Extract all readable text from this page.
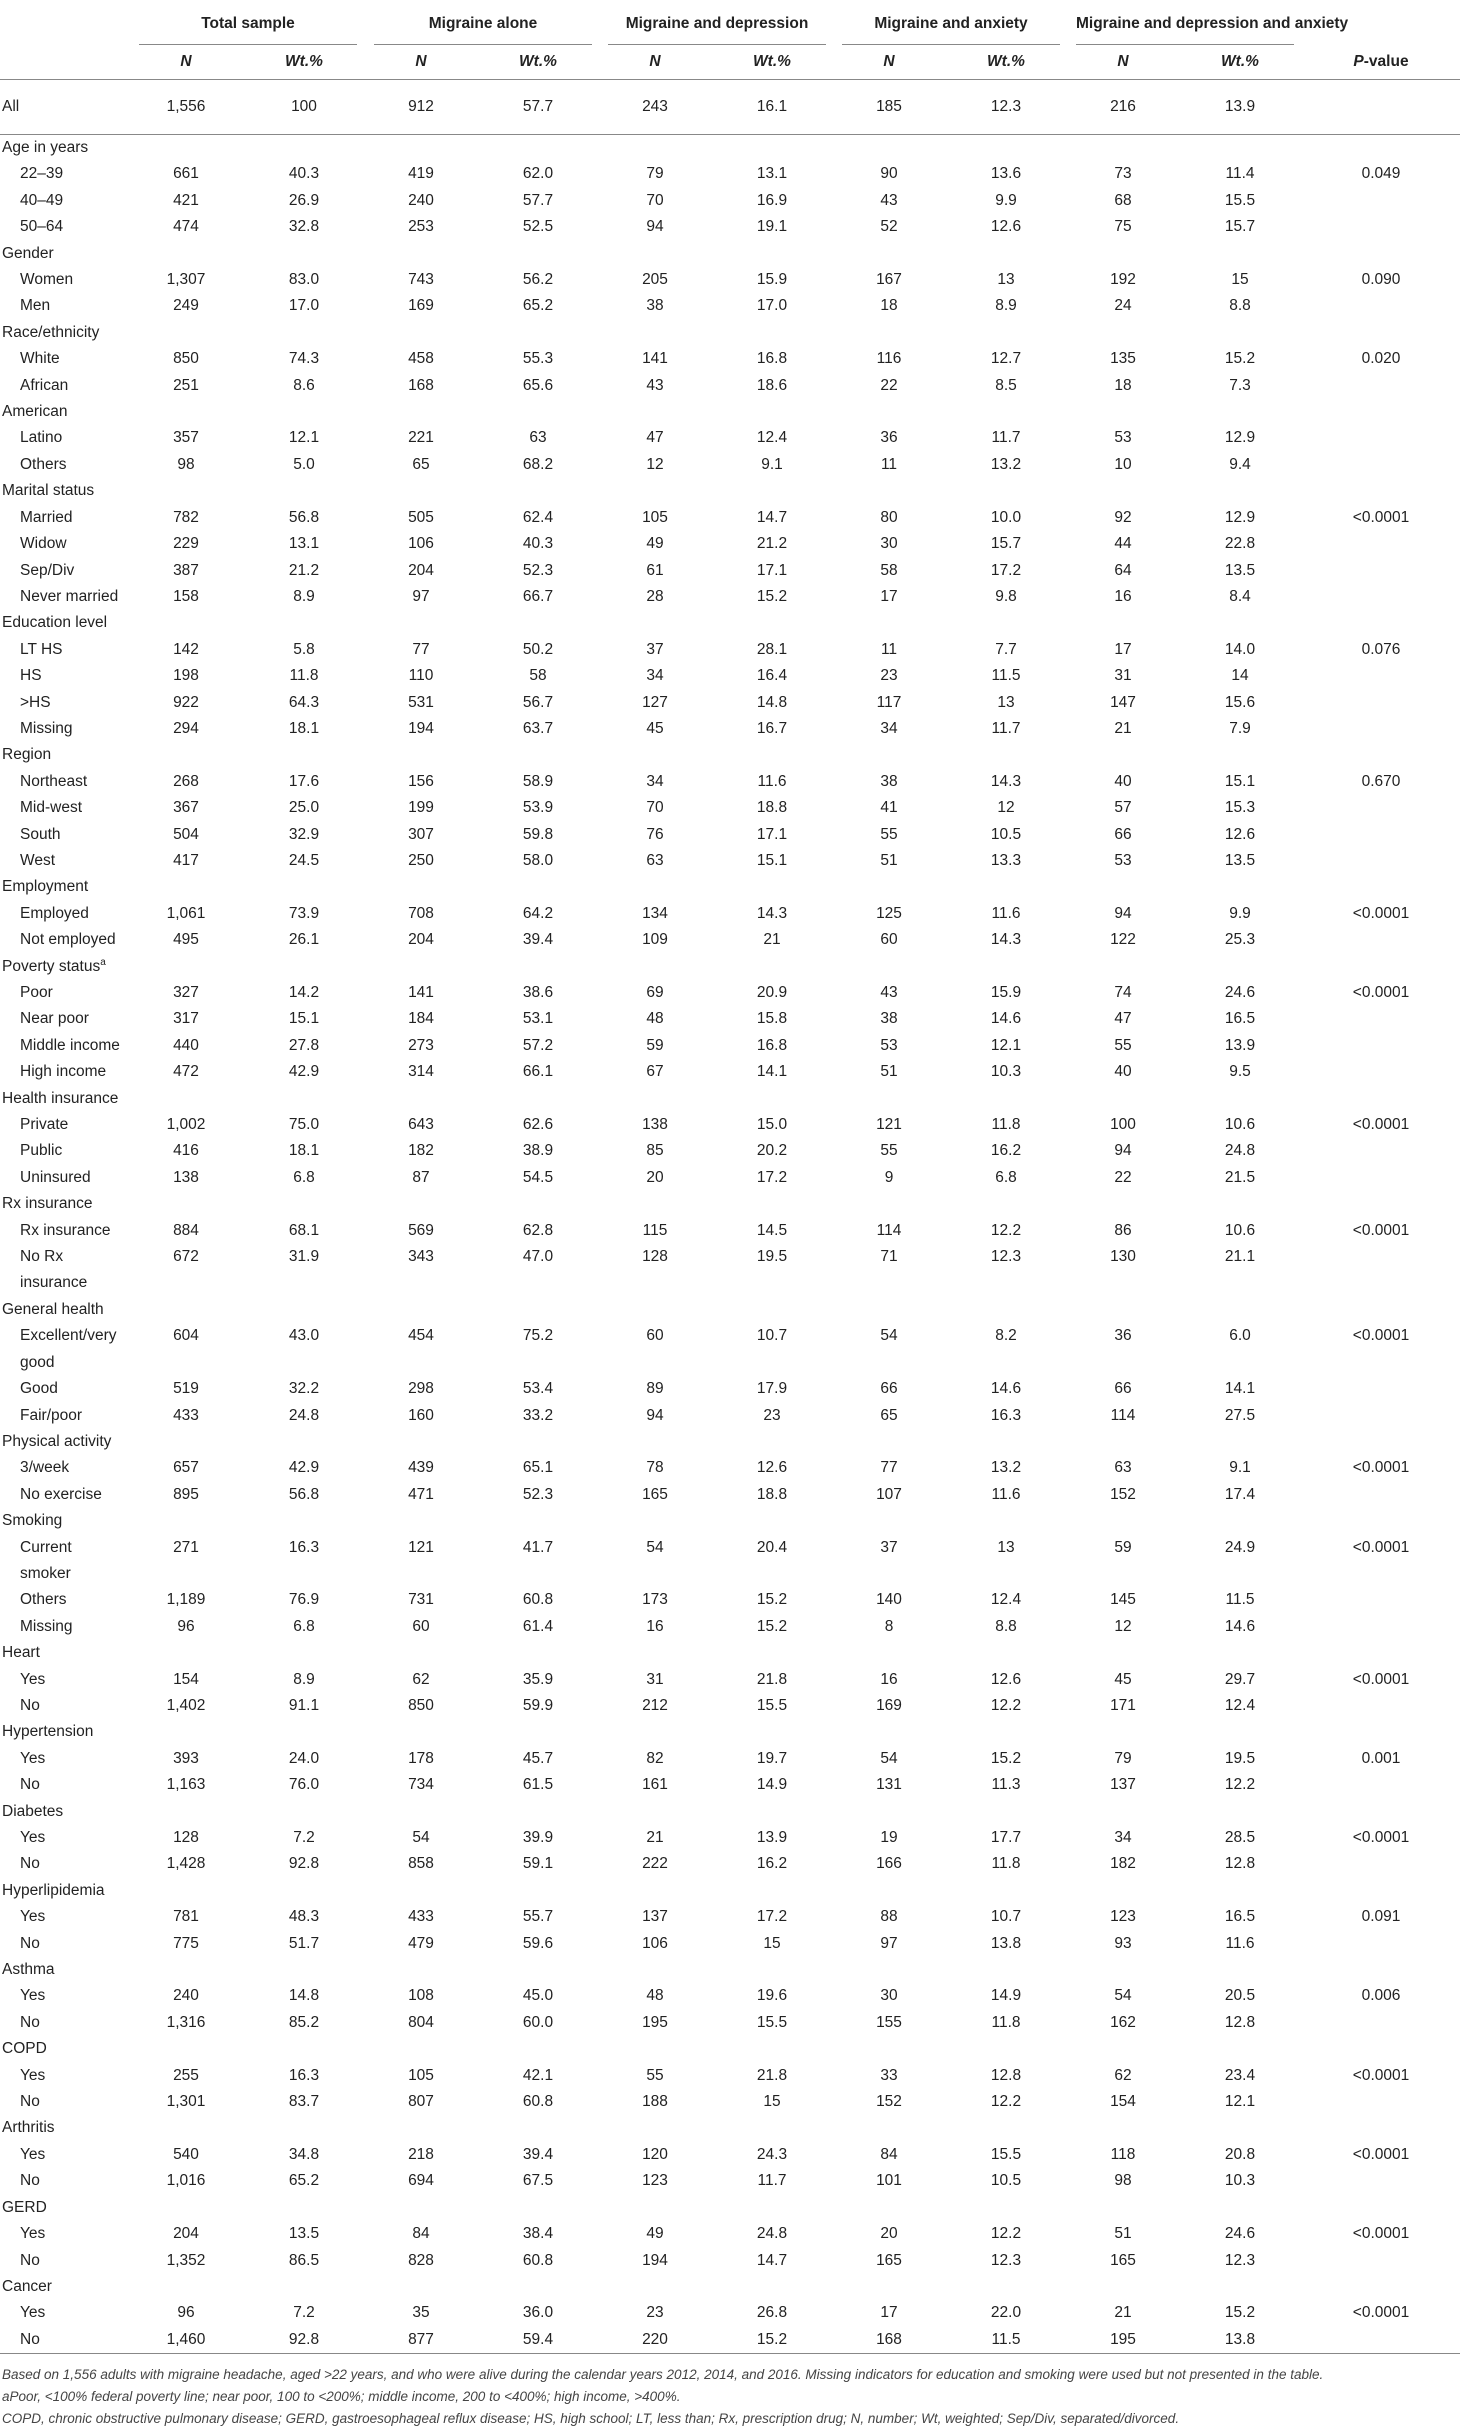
	Total sample		Migraine alone		Migraine and depression		Migraine and anxiety		Migraine and depression and anxiety		

	N	Wt.%	N	Wt.%	N	Wt.%	N	Wt.%	N	Wt.%	P-value
All	1,556	100	912	57.7	243	16.1	185	12.3	216	13.9	
Age in years											
22–39	661	40.3	419	62.0	79	13.1	90	13.6	73	11.4	0.049
40–49	421	26.9	240	57.7	70	16.9	43	9.9	68	15.5	
50–64	474	32.8	253	52.5	94	19.1	52	12.6	75	15.7	
Gender											
Women	1,307	83.0	743	56.2	205	15.9	167	13	192	15	0.090
Men	249	17.0	169	65.2	38	17.0	18	8.9	24	8.8	
Race/ethnicity											
White	850	74.3	458	55.3	141	16.8	116	12.7	135	15.2	0.020
African	251	8.6	168	65.6	43	18.6	22	8.5	18	7.3	
American											
Latino	357	12.1	221	63	47	12.4	36	11.7	53	12.9	
Others	98	5.0	65	68.2	12	9.1	11	13.2	10	9.4	
Marital status											
Married	782	56.8	505	62.4	105	14.7	80	10.0	92	12.9	<0.0001
Widow	229	13.1	106	40.3	49	21.2	30	15.7	44	22.8	
Sep/Div	387	21.2	204	52.3	61	17.1	58	17.2	64	13.5	
Never married	158	8.9	97	66.7	28	15.2	17	9.8	16	8.4	
Education level											
LT HS	142	5.8	77	50.2	37	28.1	11	7.7	17	14.0	0.076
HS	198	11.8	110	58	34	16.4	23	11.5	31	14	
>HS	922	64.3	531	56.7	127	14.8	117	13	147	15.6	
Missing	294	18.1	194	63.7	45	16.7	34	11.7	21	7.9	
Region											
Northeast	268	17.6	156	58.9	34	11.6	38	14.3	40	15.1	0.670
Mid-west	367	25.0	199	53.9	70	18.8	41	12	57	15.3	
South	504	32.9	307	59.8	76	17.1	55	10.5	66	12.6	
West	417	24.5	250	58.0	63	15.1	51	13.3	53	13.5	
Employment											
Employed	1,061	73.9	708	64.2	134	14.3	125	11.6	94	9.9	<0.0001
Not employed	495	26.1	204	39.4	109	21	60	14.3	122	25.3	
Poverty status$^a$											
Poor	327	14.2	141	38.6	69	20.9	43	15.9	74	24.6	<0.0001
Near poor	317	15.1	184	53.1	48	15.8	38	14.6	47	16.5	
Middle income	440	27.8	273	57.2	59	16.8	53	12.1	55	13.9	
High income	472	42.9	314	66.1	67	14.1	51	10.3	40	9.5	
Health insurance											
Private	1,002	75.0	643	62.6	138	15.0	121	11.8	100	10.6	<0.0001
Public	416	18.1	182	38.9	85	20.2	55	16.2	94	24.8	
Uninsured	138	6.8	87	54.5	20	17.2	9	6.8	22	21.5	
Rx insurance											
Rx insurance	884	68.1	569	62.8	115	14.5	114	12.2	86	10.6	<0.0001
No Rx	672	31.9	343	47.0	128	19.5	71	12.3	130	21.1	
insurance											
General health											
Excellent/very	604	43.0	454	75.2	60	10.7	54	8.2	36	6.0	<0.0001
good											
Good	519	32.2	298	53.4	89	17.9	66	14.6	66	14.1	
Fair/poor	433	24.8	160	33.2	94	23	65	16.3	114	27.5	
Physical activity											
3/week	657	42.9	439	65.1	78	12.6	77	13.2	63	9.1	<0.0001
No exercise	895	56.8	471	52.3	165	18.8	107	11.6	152	17.4	
Smoking											
Current	271	16.3	121	41.7	54	20.4	37	13	59	24.9	<0.0001
smoker											
Others	1,189	76.9	731	60.8	173	15.2	140	12.4	145	11.5	
Missing	96	6.8	60	61.4	16	15.2	8	8.8	12	14.6	
Heart											
Yes	154	8.9	62	35.9	31	21.8	16	12.6	45	29.7	<0.0001
No	1,402	91.1	850	59.9	212	15.5	169	12.2	171	12.4	
Hypertension											
Yes	393	24.0	178	45.7	82	19.7	54	15.2	79	19.5	0.001
No	1,163	76.0	734	61.5	161	14.9	131	11.3	137	12.2	
Diabetes											
Yes	128	7.2	54	39.9	21	13.9	19	17.7	34	28.5	<0.0001
No	1,428	92.8	858	59.1	222	16.2	166	11.8	182	12.8	
Hyperlipidemia											
Yes	781	48.3	433	55.7	137	17.2	88	10.7	123	16.5	0.091
No	775	51.7	479	59.6	106	15	97	13.8	93	11.6	
Asthma											
Yes	240	14.8	108	45.0	48	19.6	30	14.9	54	20.5	0.006
No	1,316	85.2	804	60.0	195	15.5	155	11.8	162	12.8	
COPD											
Yes	255	16.3	105	42.1	55	21.8	33	12.8	62	23.4	<0.0001
No	1,301	83.7	807	60.8	188	15	152	12.2	154	12.1	
Arthritis											
Yes	540	34.8	218	39.4	120	24.3	84	15.5	118	20.8	<0.0001
No	1,016	65.2	694	67.5	123	11.7	101	10.5	98	10.3	
GERD											
Yes	204	13.5	84	38.4	49	24.8	20	12.2	51	24.6	<0.0001
No	1,352	86.5	828	60.8	194	14.7	165	12.3	165	12.3	
Cancer											
Yes	96	7.2	35	36.0	23	26.8	17	22.0	21	15.2	<0.0001
No	1,460	92.8	877	59.4	220	15.2	168	11.5	195	13.8	
Based on 1,556 adults with migraine headache, aged >22 years, and who were alive during the calendar years 2012, 2014, and 2016. Missing indicators for education and smoking were used but not presented in the table.
aPoor, <100% federal poverty line; near poor, 100 to <200%; middle income, 200 to <400%; high income, >400%.
COPD, chronic obstructive pulmonary disease; GERD, gastroesophageal reflux disease; HS, high school; LT, less than; Rx, prescription drug; N, number; Wt, weighted; Sep/Div, separated/divorced.
